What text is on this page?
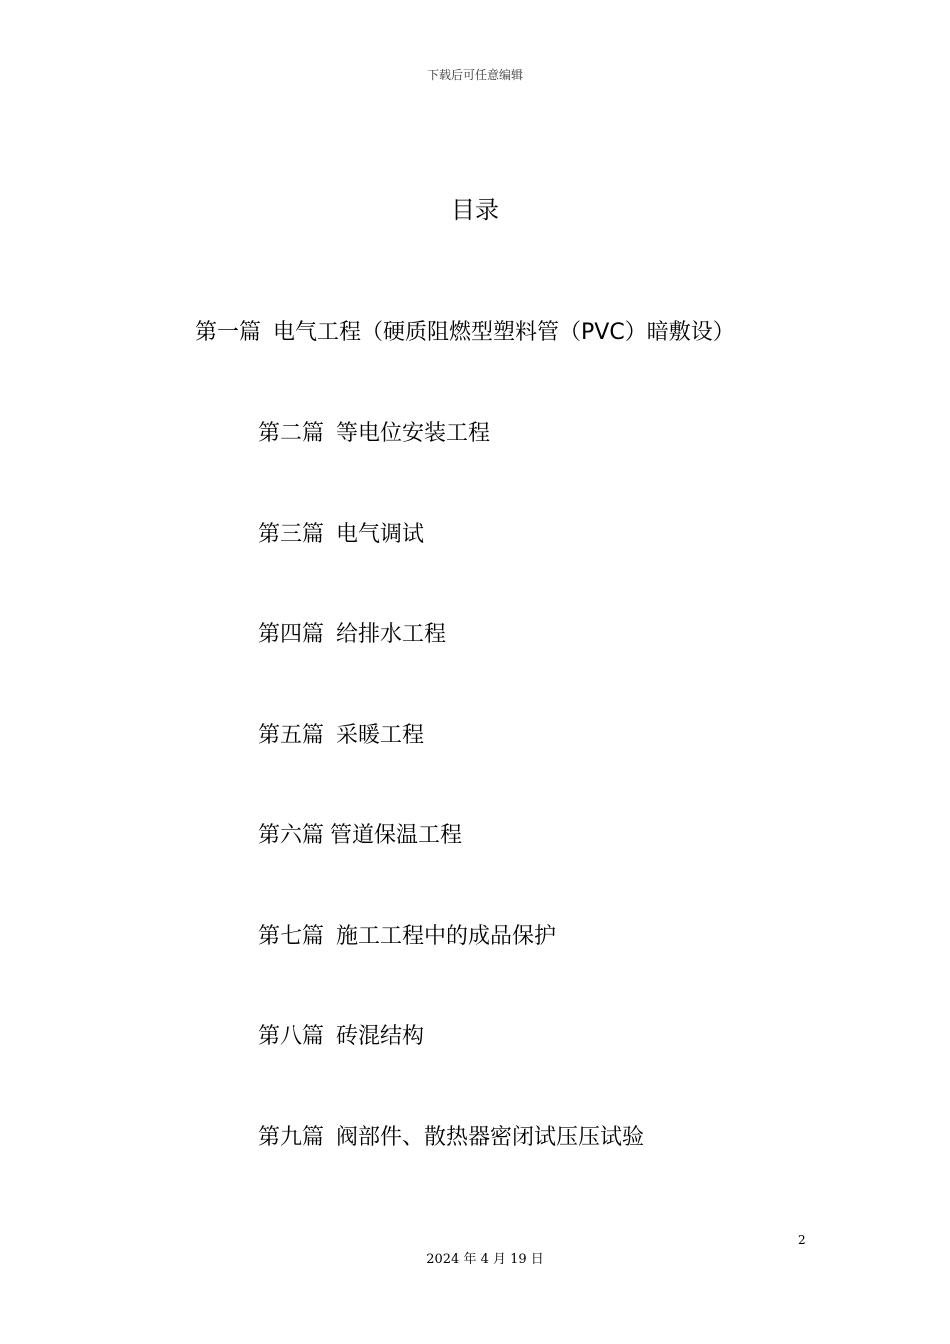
下载后可任意编辑
目录
第一篇 电气工程（硬质阻燃型塑料管（PVC）暗敷设）
第二篇 等电位安装工程
第三篇 电气调试
第四篇 给排水工程
第五篇 采暖工程
第六篇 管道保温工程
第七篇 施工工程中的成品保护
第八篇 砖混结构
第九篇 阀部件、散热器密闭试压压试验
2
2024 年 4 月 19 日
